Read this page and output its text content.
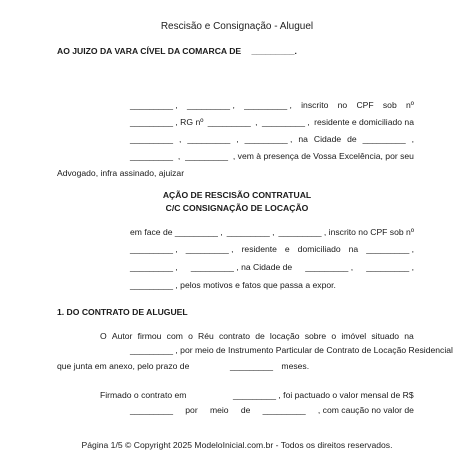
Rescisão e Consignação - Aluguel
AO JUIZO DA VARA CÍVEL DA COMARCA DE _________.
_________ , _________ , _________ , inscrito no CPF sob nº
_________ , RG nº _________ , _________ , residente e domiciliado na
_________ , _________ , _________ , na Cidade de _________ ,
_________ , _________ , vem à presença de Vossa Excelência, por seu
Advogado, infra assinado, ajuizar
AÇÃO DE RESCISÃO CONTRATUAL
C/C CONSIGNAÇÃO DE LOCAÇÃO
em face de _________ , _________ , _________ , inscrito no CPF sob nº
_________ , _________ , residente e domiciliado na _________ ,
_________ , _________ , na Cidade de _________ , _________ ,
_________ , pelos motivos e fatos que passa a expor.
1. DO CONTRATO DE ALUGUEL
O Autor firmou com o Réu contrato de locação sobre o imóvel situado na
_________ , por meio de Instrumento Particular de Contrato de Locação Residencial
que junta em anexo, pelo prazo de	_________ meses.
Firmado o contrato em	_________ , foi pactuado o valor mensal de R$
_________ por meio de _________ , com caução no valor de
Página 1/5 © Copyright 2025 ModeloInicial.com.br - Todos os direitos reservados.
